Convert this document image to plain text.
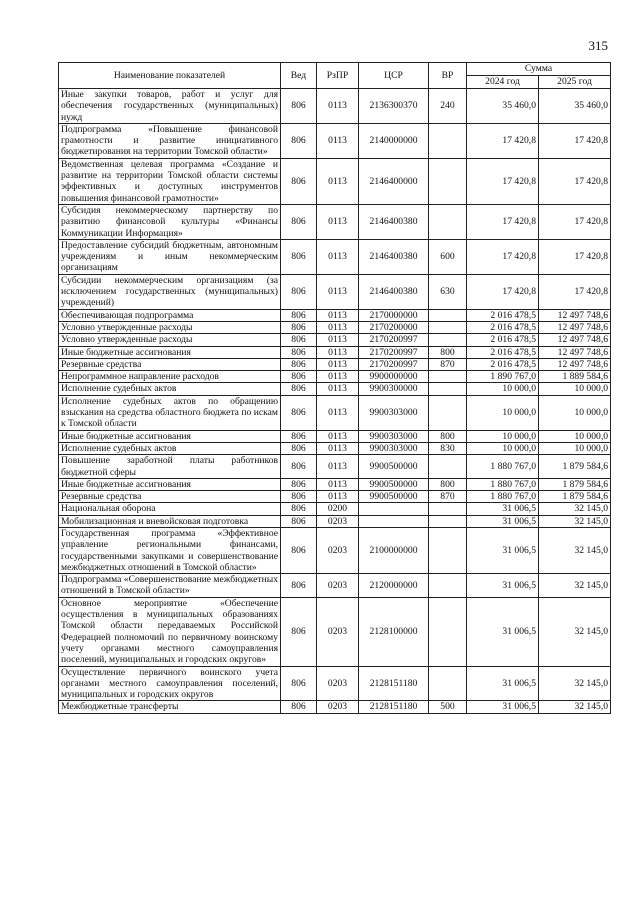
315
Наименование показателей	Вед	РзПР	ЦСР	ВР	Сумма	
					2024 год	2025 год
Иные закупки товаров, работ и услуг для обеспечения государственных (муниципальных) нужд	806	0113	2136300370	240	35 460,0	35 460,0
Подпрограмма «Повышение финансовой грамотности и развитие инициативного бюджетирования на территории Томской области»	806	0113	2140000000		17 420,8	17 420,8
Ведомственная целевая программа «Создание и развитие на территории Томской области системы эффективных и доступных инструментов повышения финансовой грамотности»	806	0113	2146400000		17 420,8	17 420,8
Субсидия некоммерческому партнерству по развитию финансовой культуры «Финансы Коммуникации Информация»	806	0113	2146400380		17 420,8	17 420,8
Предоставление субсидий бюджетным, автономным учреждениям и иным некоммерческим организациям	806	0113	2146400380	600	17 420,8	17 420,8
Субсидии некоммерческим организациям (за исключением государственных (муниципальных) учреждений)	806	0113	2146400380	630	17 420,8	17 420,8
Обеспечивающая подпрограмма	806	0113	2170000000		2 016 478,5	12 497 748,6
Условно утвержденные расходы	806	0113	2170200000		2 016 478,5	12 497 748,6
Условно утвержденные расходы	806	0113	2170200997		2 016 478,5	12 497 748,6
Иные бюджетные ассигнования	806	0113	2170200997	800	2 016 478,5	12 497 748,6
Резервные средства	806	0113	2170200997	870	2 016 478,5	12 497 748,6
Непрограммное направление расходов	806	0113	9900000000		1 890 767,0	1 889 584,6
Исполнение судебных актов	806	0113	9900300000		10 000,0	10 000,0
Исполнение судебных актов по обращению взыскания на средства областного бюджета по искам к Томской области	806	0113	9900303000		10 000,0	10 000,0
Иные бюджетные ассигнования	806	0113	9900303000	800	10 000,0	10 000,0
Исполнение судебных актов	806	0113	9900303000	830	10 000,0	10 000,0
Повышение заработной платы работников бюджетной сферы	806	0113	9900500000		1 880 767,0	1 879 584,6
Иные бюджетные ассигнования	806	0113	9900500000	800	1 880 767,0	1 879 584,6
Резервные средства	806	0113	9900500000	870	1 880 767,0	1 879 584,6
Национальная оборона	806	0200			31 006,5	32 145,0
Мобилизационная и вневойсковая подготовка	806	0203			31 006,5	32 145,0
Государственная программа «Эффективное управление региональными финансами, государственными закупками и совершенствование межбюджетных отношений в Томской области»	806	0203	2100000000		31 006,5	32 145,0
Подпрограмма «Совершенствование межбюджетных отношений в Томской области»	806	0203	2120000000		31 006,5	32 145,0
Основное мероприятие «Обеспечение осуществления в муниципальных образованиях Томской области передаваемых Российской Федерацией полномочий по первичному воинскому учету органами местного самоуправления поселений, муниципальных и городских округов»	806	0203	2128100000		31 006,5	32 145,0
Осуществление первичного воинского учета органами местного самоуправления поселений, муниципальных и городских округов	806	0203	2128151180		31 006,5	32 145,0
Межбюджетные трансферты	806	0203	2128151180	500	31 006,5	32 145,0
